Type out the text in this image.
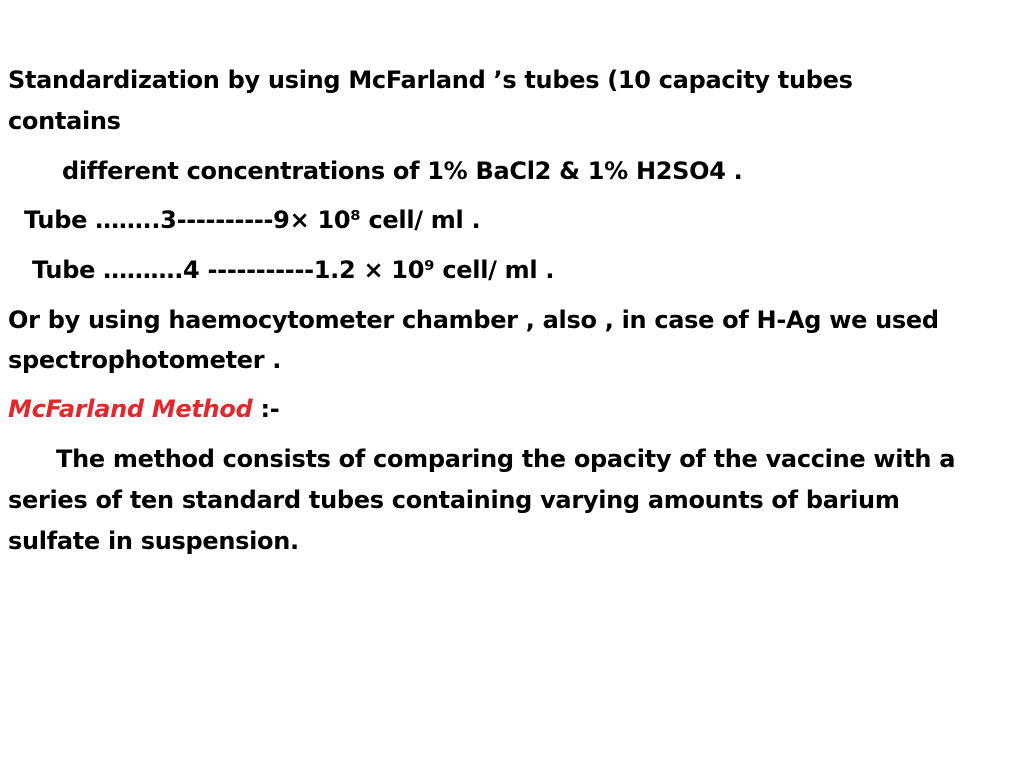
Standardization by using McFarland ’s tubes (10 capacity tubes
contains
different concentrations of 1% BaCl2 & 1% H2SO4 .
Tube ……..3----------9× 10⁸ cell/ ml .
Tube ……….4 -----------1.2 × 10⁹ cell/ ml .
Or by using haemocytometer chamber , also , in case of H-Ag we used
spectrophotometer .
McFarland Method :-
The method consists of comparing the opacity of the vaccine with a
series of ten standard tubes containing varying amounts of barium
sulfate in suspension.
